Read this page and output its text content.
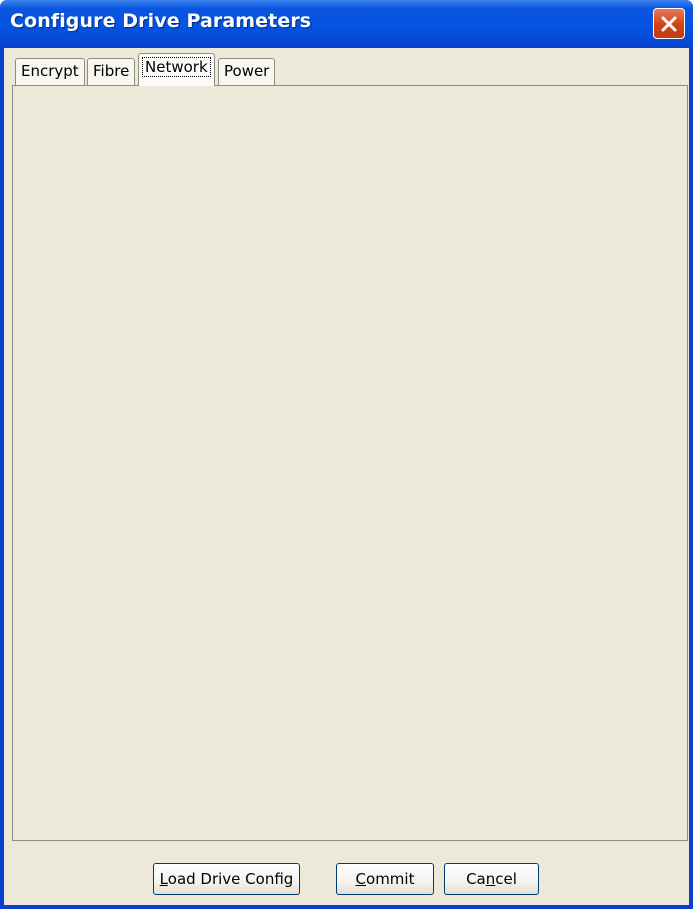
Configure Drive Parameters
Encrypt Fibre	Network	Power
010.000.000.001
255.255.255.000
255.255.255.000
T10000-001000540
Load Drive Config	Commit	Cancel
